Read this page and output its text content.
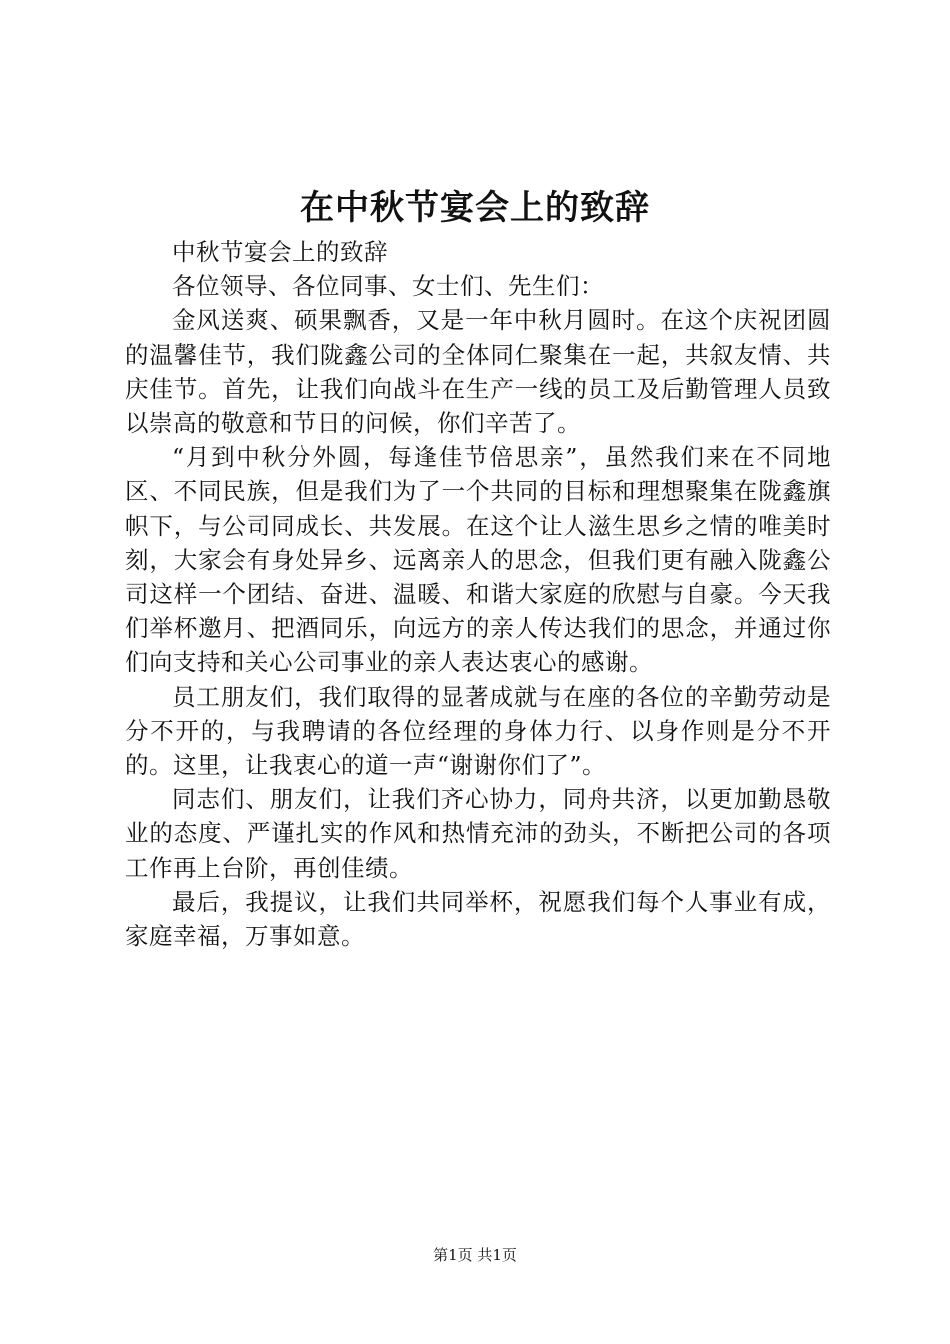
在中秋节宴会上的致辞

中秋节宴会上的致辞

各位领导、各位同事、女士们、先生们：

金风送爽、硕果飘香，又是一年中秋月圆时。在这个庆祝团圆的温馨佳节，我们陇鑫公司的全体同仁聚集在一起，共叙友情、共庆佳节。首先，让我们向战斗在生产一线的员工及后勤管理人员致以崇高的敬意和节日的问候，你们辛苦了。

“月到中秋分外圆，每逢佳节倍思亲”，虽然我们来在不同地区、不同民族，但是我们为了一个共同的目标和理想聚集在陇鑫旗帜下，与公司同成长、共发展。在这个让人滋生思乡之情的唯美时刻，大家会有身处异乡、远离亲人的思念，但我们更有融入陇鑫公司这样一个团结、奋进、温暖、和谐大家庭的欣慰与自豪。今天我们举杯邀月、把酒同乐，向远方的亲人传达我们的思念，并通过你们向支持和关心公司事业的亲人表达衷心的感谢。

员工朋友们，我们取得的显著成就与在座的各位的辛勤劳动是分不开的，与我聘请的各位经理的身体力行、以身作则是分不开的。这里，让我衷心的道一声“谢谢你们了”。

同志们、朋友们，让我们齐心协力，同舟共济，以更加勤恳敬业的态度、严谨扎实的作风和热情充沛的劲头，不断把公司的各项工作再上台阶，再创佳绩。

最后，我提议，让我们共同举杯，祝愿我们每个人事业有成，家庭幸福，万事如意。

第1页 共1页
